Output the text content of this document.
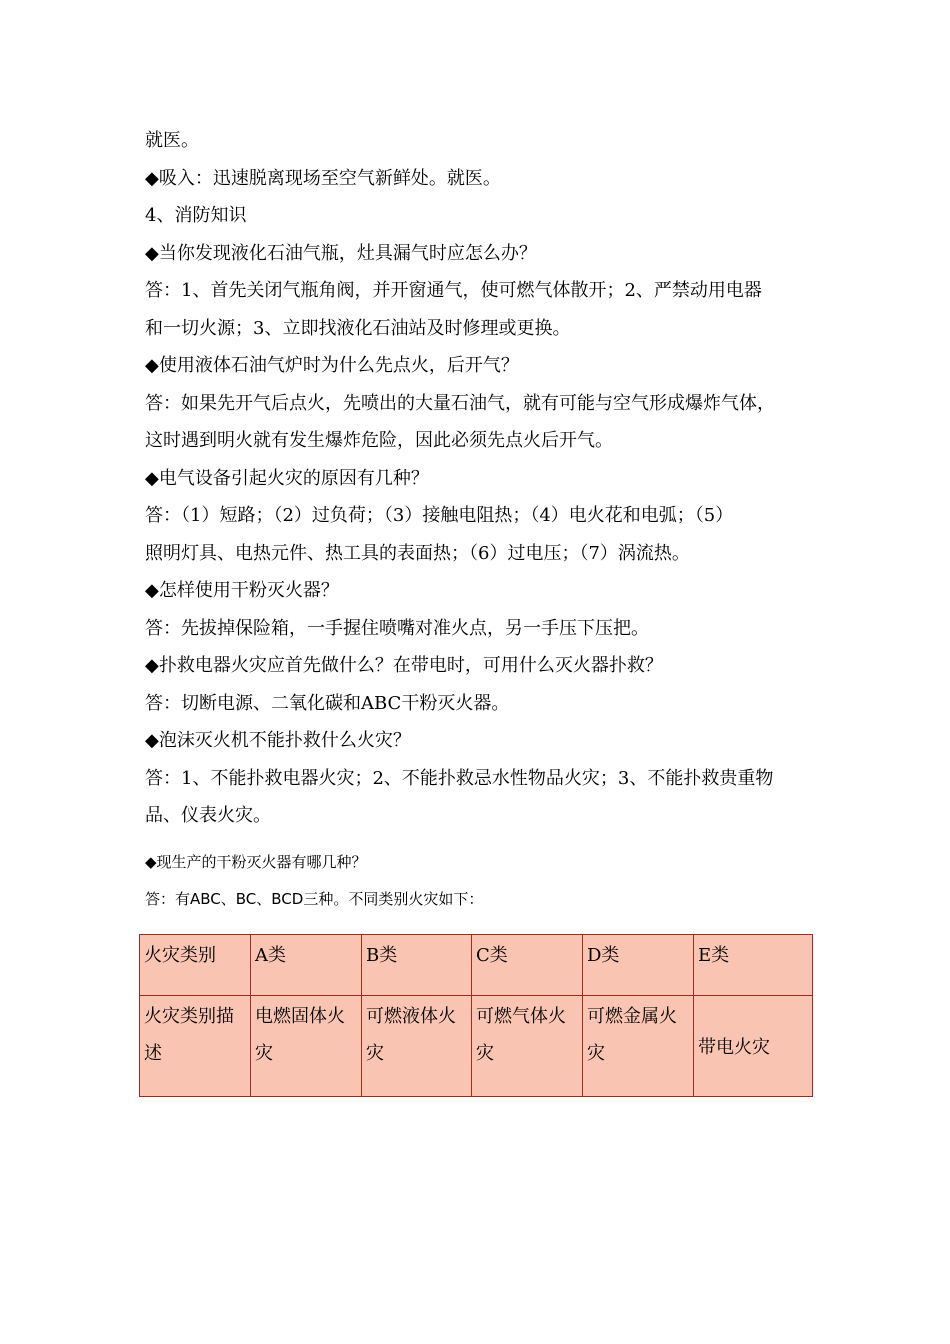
就医。
◆吸入：迅速脱离现场至空气新鲜处。就医。
4、消防知识
◆当你发现液化石油气瓶，灶具漏气时应怎么办？
答：1、首先关闭气瓶角阀，并开窗通气，使可燃气体散开；2、严禁动用电器
和一切火源；3、立即找液化石油站及时修理或更换。
◆使用液体石油气炉时为什么先点火，后开气？
答：如果先开气后点火，先喷出的大量石油气，就有可能与空气形成爆炸气体，
这时遇到明火就有发生爆炸危险，因此必须先点火后开气。
◆电气设备引起火灾的原因有几种？
答：（1）短路；（2）过负荷；（3）接触电阻热；（4）电火花和电弧；（5）
照明灯具、电热元件、热工具的表面热；（6）过电压；（7）涡流热。
◆怎样使用干粉灭火器？
答：先拔掉保险箱，一手握住喷嘴对准火点，另一手压下压把。
◆扑救电器火灾应首先做什么？在带电时，可用什么灭火器扑救？
答：切断电源、二氧化碳和ABC干粉灭火器。
◆泡沫灭火机不能扑救什么火灾？
答：1、不能扑救电器火灾；2、不能扑救忌水性物品火灾；3、不能扑救贵重物
品、仪表火灾。
◆现生产的干粉灭火器有哪几种？
答：有ABC、BC、BCD三种。不同类别火灾如下：
火灾类别	A类	B类	C类	D类	E类
火灾类别描述	电燃固体火灾	可燃液体火灾	可燃气体火灾	可燃金属火灾	带电火灾
